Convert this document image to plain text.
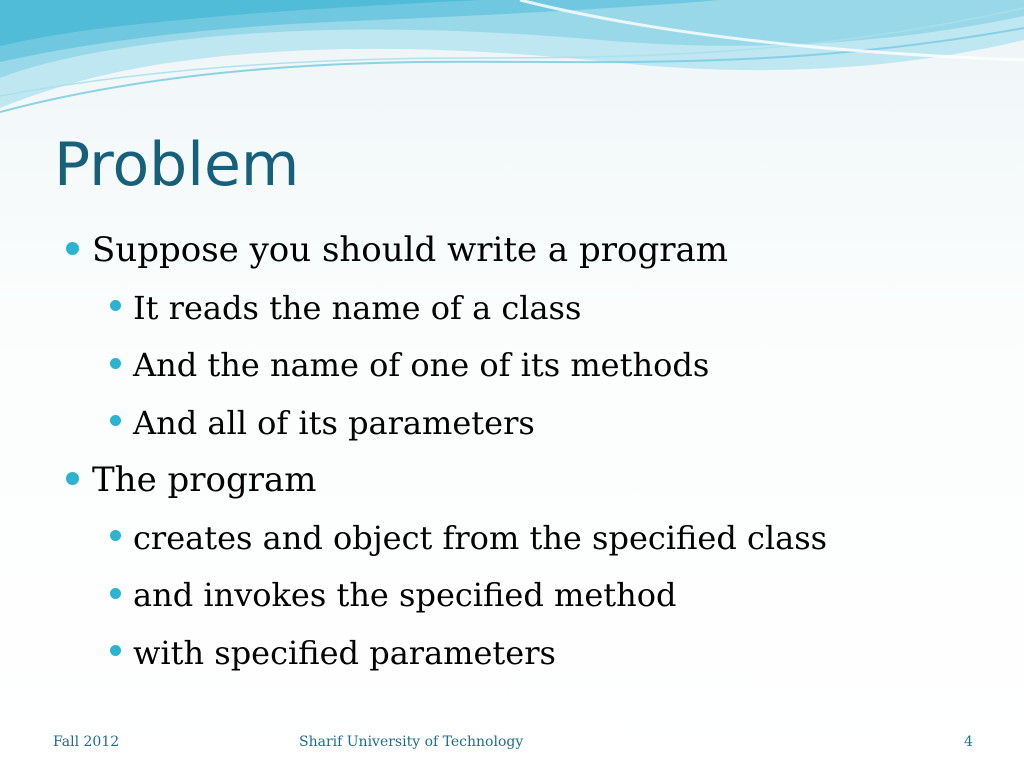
Problem
Suppose you should write a program
It reads the name of a class
And the name of one of its methods
And all of its parameters
The program
creates and object from the specified class
and invokes the specified method
with specified parameters
Fall 2012	Sharif University of Technology	4
